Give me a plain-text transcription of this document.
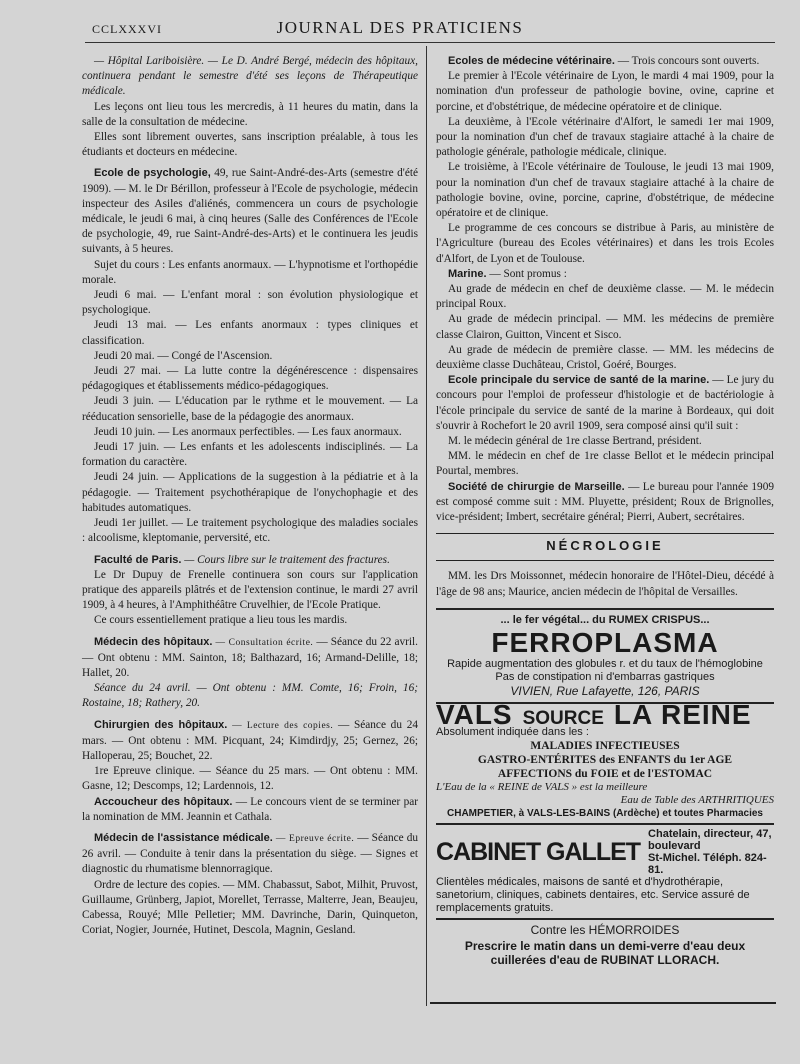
CCLXXXVI	JOURNAL DES PRATICIENS

— Hôpital Lariboisière. — Le D. André Bergé, médecin des hôpitaux, continuera pendant le semestre d'été ses leçons de Thérapeutique médicale.

Les leçons ont lieu tous les mercredis, à 11 heures du matin, dans la salle de la consultation de médecine.

Elles sont librement ouvertes, sans inscription préalable, à tous les étudiants et docteurs en médecine.

Ecole de psychologie, 49, rue Saint-André-des-Arts (semestre d'été 1909). — M. le Dr Bérillon, professeur à l'Ecole de psychologie, médecin inspecteur des Asiles d'aliénés, commencera un cours de psychologie médicale, le jeudi 6 mai, à cinq heures (Salle des Conférences de l'Ecole de psychologie, 49, rue Saint-André-des-Arts) et le continuera les jeudis suivants, à 5 heures.

Sujet du cours : Les enfants anormaux. — L'hypnotisme et l'orthopédie morale.

Jeudi 6 mai. — L'enfant moral : son évolution physiologique et psychologique.

Jeudi 13 mai. — Les enfants anormaux : types cliniques et classification.

Jeudi 20 mai. — Congé de l'Ascension.

Jeudi 27 mai. — La lutte contre la dégénérescence : dispensaires pédagogiques et établissements médico-pédagogiques.

Jeudi 3 juin. — L'éducation par le rythme et le mouvement. — La rééducation sensorielle, base de la pédagogie des anormaux.

Jeudi 10 juin. — Les anormaux perfectibles. — Les faux anormaux.

Jeudi 17 juin. — Les enfants et les adolescents indisciplinés. — La formation du caractère.

Jeudi 24 juin. — Applications de la suggestion à la pédiatrie et à la pédagogie. — Traitement psychothérapique de l'onychophagie et des habitudes automatiques.

Jeudi 1er juillet. — Le traitement psychologique des maladies sociales : alcoolisme, kleptomanie, perversité, etc.

Faculté de Paris. — Cours libre sur le traitement des fractures.

Le Dr Dupuy de Frenelle continuera son cours sur l'application pratique des appareils plâtrés et de l'extension continue, le mardi 27 avril 1909, à 4 heures, à l'Amphithéâtre Cruvelhier, de l'Ecole Pratique.

Ce cours essentiellement pratique a lieu tous les mardis.

Médecin des hôpitaux. — Consultation écrite. — Séance du 22 avril. — Ont obtenu : MM. Sainton, 18; Balthazard, 16; Armand-Delille, 18; Hallet, 20.

Séance du 24 avril. — Ont obtenu : MM. Comte, 16; Froin, 16; Rostaine, 18; Rathery, 20.

Chirurgien des hôpitaux. — Lecture des copies. — Séance du 24 mars. — Ont obtenu : MM. Picquant, 24; Kimdirdjy, 25; Gernez, 26; Halloperau, 25; Bouchet, 22.

1re Epreuve clinique. — Séance du 25 mars. — Ont obtenu : MM. Gasne, 12; Descomps, 12; Lardennois, 12.

Accoucheur des hôpitaux. — Le concours vient de se terminer par la nomination de MM. Jeannin et Cathala.

Médecin de l'assistance médicale. — Epreuve écrite. — Séance du 26 avril. — Conduite à tenir dans la présentation du siège. — Signes et diagnostic du rhumatisme blennorragique.

Ordre de lecture des copies. — MM. Chabassut, Sabot, Milhit, Pruvost, Guillaume, Grünberg, Japiot, Morellet, Terrasse, Malterre, Jean, Beaujeu, Cabessa, Rouyé; Mlle Pelletier; MM. Davrinche, Darin, Quinqueton, Coriat, Nogier, Journée, Hutinet, Descola, Magnin, Gesland.

Ecoles de médecine vétérinaire. — Trois concours sont ouverts.

Le premier à l'Ecole vétérinaire de Lyon, le mardi 4 mai 1909, pour la nomination d'un professeur de pathologie bovine, ovine, caprine et porcine, et d'obstétrique, de médecine opératoire et de clinique.

La deuxième, à l'Ecole vétérinaire d'Alfort, le samedi 1er mai 1909, pour la nomination d'un chef de travaux stagiaire attaché à la chaire de pathologie générale, pathologie médicale, clinique.

Le troisième, à l'Ecole vétérinaire de Toulouse, le jeudi 13 mai 1909, pour la nomination d'un chef de travaux stagiaire attaché à la chaire de pathologie bovine, ovine, porcine, caprine, d'obstétrique, de médecine opératoire et de clinique.

Le programme de ces concours se distribue à Paris, au ministère de l'Agriculture (bureau des Ecoles vétérinaires) et dans les trois Ecoles d'Alfort, de Lyon et de Toulouse.

Marine. — Sont promus :

Au grade de médecin en chef de deuxième classe. — M. le médecin principal Roux.

Au grade de médecin principal. — MM. les médecins de première classe Clairon, Guitton, Vincent et Sisco.

Au grade de médecin de première classe. — MM. les médecins de deuxième classe Duchâteau, Cristol, Goéré, Bourges.

Ecole principale du service de santé de la marine. — Le jury du concours pour l'emploi de professeur d'histologie et de bactériologie à l'école principale du service de santé de la marine à Bordeaux, qui doit s'ouvrir à Rochefort le 20 avril 1909, sera composé ainsi qu'il suit :

M. le médecin général de 1re classe Bertrand, président.

MM. le médecin en chef de 1re classe Bellot et le médecin principal Pourtal, membres.

Société de chirurgie de Marseille. — Le bureau pour l'année 1909 est composé comme suit : MM. Pluyette, président; Roux de Brignolles, vice-président; Imbert, secrétaire général; Pierri, Aubert, secrétaires.

NÉCROLOGIE

MM. les Drs Moissonnet, médecin honoraire de l'Hôtel-Dieu, décédé à l'âge de 98 ans; Maurice, ancien médecin de l'hôpital de Versailles.

... le fer végétal... du RUMEX CRISPUS...
FERROPLASMA
Rapide augmentation des globules r. et du taux de l'hémoglobine
Pas de constipation ni d'embarras gastriques
VIVIEN, Rue Lafayette, 126, PARIS
VALS SOURCE LA REINE
Absolument indiquée dans les :
MALADIES INFECTIEUSES
GASTRO-ENTÉRITES des ENFANTS du 1er AGE
AFFECTIONS du FOIE et de l'ESTOMAC
L'Eau de la « REINE de VALS » est la meilleure
Eau de Table des ARTHRITIQUES
CHAMPETIER, à VALS-LES-BAINS (Ardèche) et toutes Pharmacies
CABINET GALLET
Chatelain, directeur, 47, boulevard
St-Michel. Téléph. 824-81.
Clientèles médicales, maisons de santé et d'hydrothérapie, sanetorium, cliniques, cabinets dentaires, etc. Service assuré de remplacements gratuits.
Contre les HÉMORROIDES
Prescrire le matin dans un demi-verre d'eau deux cuillerées d'eau de RUBINAT LLORACH.
